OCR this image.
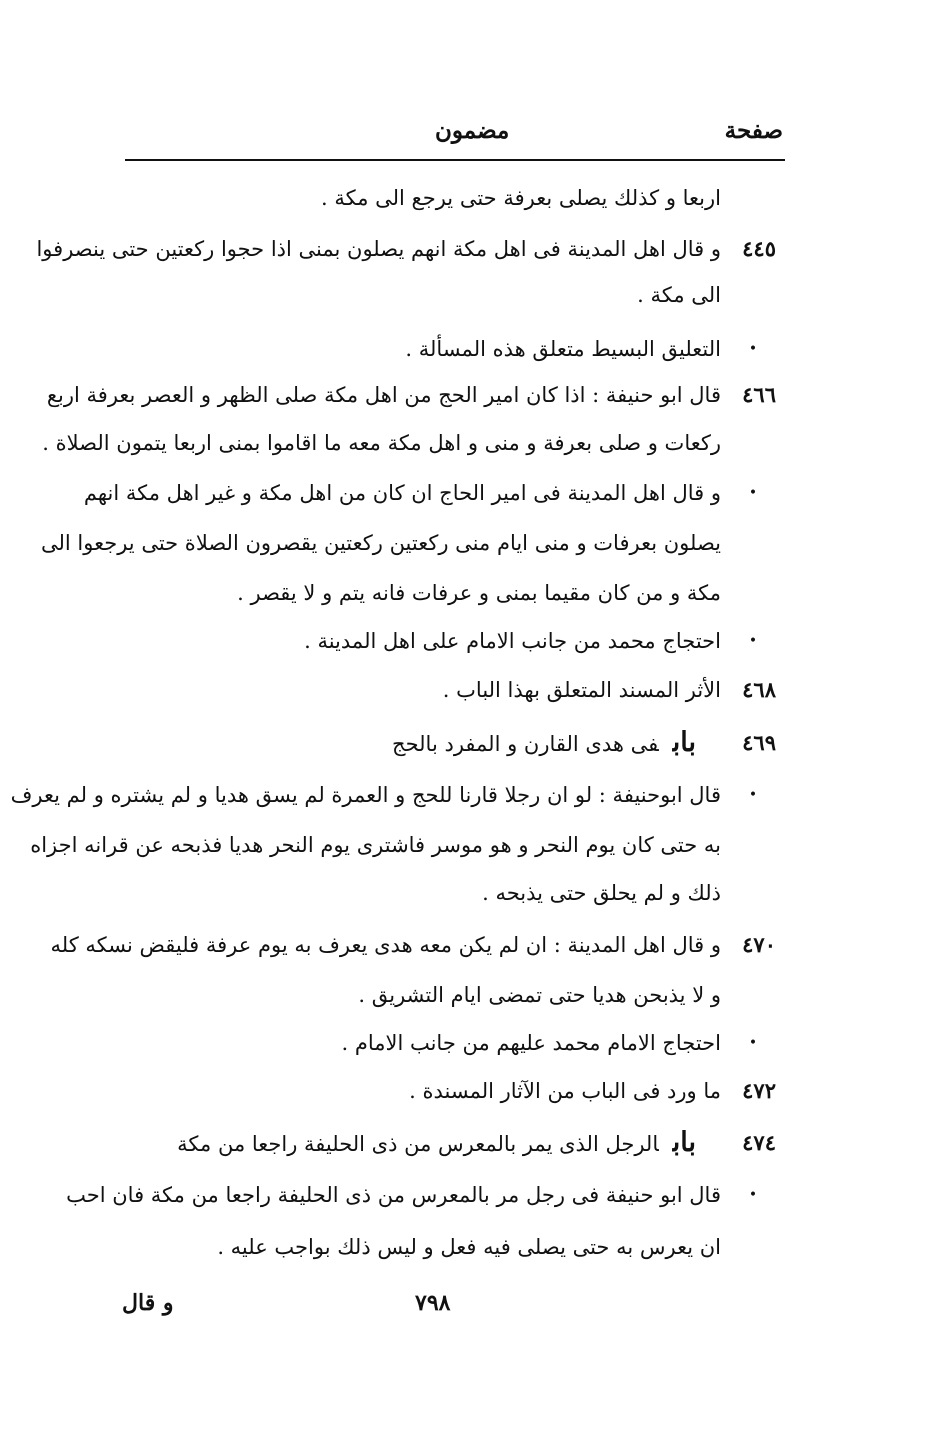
صفحة
مضمون
اربعا و كذلك يصلى بعرفة حتى يرجع الى مكة .
٤٤٥
و قال اهل المدينة فى اهل مكة انهم يصلون بمنى اذا حجوا ركعتين حتى ينصرفوا
الى مكة .
•
التعليق البسيط متعلق هذه المسألة .
٤٦٦
قال ابو حنيفة : اذا كان امير الحج من اهل مكة صلى الظهر و العصر بعرفة اربع
ركعات و صلى بعرفة و منى و اهل مكة معه ما اقاموا بمنى اربعا يتمون الصلاة .
•
و قال اهل المدينة فى امير الحاج ان كان من اهل مكة و غير اهل مكة انهم
يصلون بعرفات و منى ايام منى ركعتين ركعتين يقصرون الصلاة حتى يرجعوا الى
مكة و من كان مقيما بمنى و عرفات فانه يتم و لا يقصر .
•
احتجاج محمد من جانب الامام على اهل المدينة .
٤٦٨
الأثر المسند المتعلق بهذا الباب .
٤٦٩
بابفى هدى القارن و المفرد بالحج
•
قال ابوحنيفة : لو ان رجلا قارنا للحج و العمرة لم يسق هديا و لم يشتره و لم يعرف
به حتى كان يوم النحر و هو موسر فاشترى يوم النحر هديا فذبحه عن قرانه اجزاه
ذلك و لم يحلق حتى يذبحه .
٤٧٠
و قال اهل المدينة : ان لم يكن معه هدى يعرف به يوم عرفة فليقض نسكه كله
و لا يذبحن هديا حتى تمضى ايام التشريق .
•
احتجاج الامام محمد عليهم من جانب الامام .
٤٧٢
ما ورد فى الباب من الآثار المسندة .
٤٧٤
بابالرجل الذى يمر بالمعرس من ذى الحليفة راجعا من مكة
•
قال ابو حنيفة فى رجل مر بالمعرس من ذى الحليفة راجعا من مكة فان احب
ان يعرس به حتى يصلى فيه فعل و ليس ذلك بواجب عليه .
٧٩٨
و قال
